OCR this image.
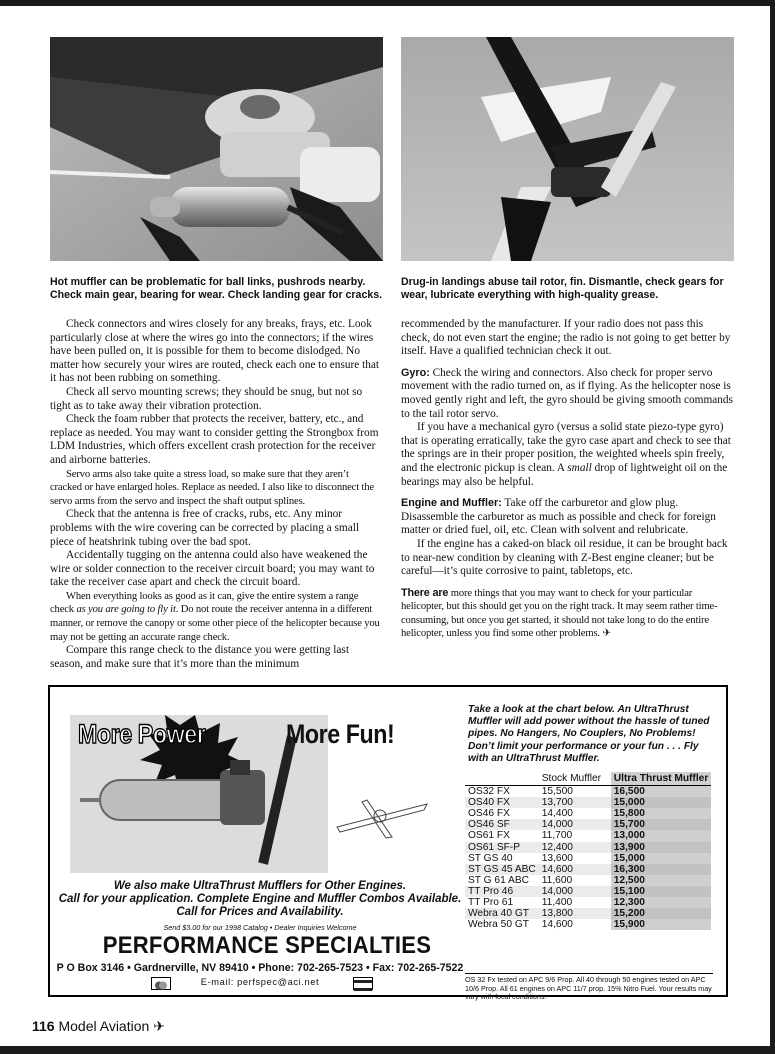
Hot muffler can be problematic for ball links, pushrods nearby. Check main gear, bearing for wear. Check landing gear for cracks.
Drug-in landings abuse tail rotor, fin. Dismantle, check gears for wear, lubricate everything with high-quality grease.

Check connectors and wires closely for any breaks, frays, etc. Look particularly close at where the wires go into the connectors; if the wires have been pulled on, it is possible for them to become dislodged. No matter how securely your wires are routed, check each one to ensure that it has not been rubbing on something.

Check all servo mounting screws; they should be snug, but not so tight as to take away their vibration protection.

Check the foam rubber that protects the receiver, battery, etc., and replace as needed. You may want to consider getting the Strongbox from LDM Industries, which offers excellent crash protection for the receiver and airborne batteries.

Servo arms also take quite a stress load, so make sure that they aren’t cracked or have enlarged holes. Replace as needed. I also like to disconnect the servo arms from the servo and inspect the shaft output splines.

Check that the antenna is free of cracks, rubs, etc. Any minor problems with the wire covering can be corrected by placing a small piece of heatshrink tubing over the bad spot.

Accidentally tugging on the antenna could also have weakened the wire or solder connection to the receiver circuit board; you may want to take the receiver case apart and check the circuit board.

When everything looks as good as it can, give the entire system a range check as you are going to fly it. Do not route the receiver antenna in a different manner, or remove the canopy or some other piece of the helicopter because you may not be getting an accurate range check.

Compare this range check to the distance you were getting last season, and make sure that it’s more than the minimum

recommended by the manufacturer. If your radio does not pass this check, do not even start the engine; the radio is not going to get better by itself. Have a qualified technician check it out.

Gyro: Check the wiring and connectors. Also check for proper servo movement with the radio turned on, as if flying. As the helicopter nose is moved gently right and left, the gyro should be giving smooth commands to the tail rotor servo.

If you have a mechanical gyro (versus a solid state piezo-type gyro) that is operating erratically, take the gyro case apart and check to see that the springs are in their proper position, the weighted wheels spin freely, and the electronic pickup is clean. A small drop of lightweight oil on the bearings may also be helpful.

Engine and Muffler: Take off the carburetor and glow plug. Disassemble the carburetor as much as possible and check for foreign matter or dried fuel, oil, etc. Clean with solvent and relubricate.

If the engine has a caked-on black oil residue, it can be brought back to near-new condition by cleaning with Z-Best engine cleaner; but be careful—it’s quite corrosive to paint, tabletops, etc.

There are more things that you may want to check for your particular helicopter, but this should get you on the right track. It may seem rather time-consuming, but once you get started, it should not take long to do the entire helicopter, unless you find some other problems. ✈

More Power	More Fun!
We also make UltraThrust Mufflers for Other Engines.
Call for your application. Complete Engine and Muffler Combos Available.
Call for Prices and Availability.
Send $3.00 for our 1998 Catalog • Dealer Inquiries Welcome
PERFORMANCE SPECIALTIES
P O Box 3146 • Gardnerville, NV 89410 • Phone: 702-265-7523 • Fax: 702-265-7522
E-mail: perfspec@aci.net
Take a look at the chart below. An UltraThrust Muffler will add power without the hassle of tuned pipes. No Hangers, No Couplers, No Problems! Don’t limit your performance or your fun . . . Fly with an UltraThrust Muffler.
	Stock Muffler	Ultra Thrust Muffler
OS32 FX	15,500	16,500
OS40 FX	13,700	15,000
OS46 FX	14,400	15,800
OS46 SF	14,000	15,700
OS61 FX	11,700	13,000
OS61 SF-P	12,400	13,900
ST GS 40	13,600	15,000
ST GS 45 ABC	14,600	16,300
ST G 61 ABC	11,600	12,500
TT Pro 46	14,000	15,100
TT Pro 61	11,400	12,300
Webra 40 GT	13,800	15,200
Webra 50 GT	14,600	15,900
OS 32 Fx tested on APC 9/6 Prop. All 40 through 50 engines tested on APC 10/6 Prop. All 61 engines on APC 11/7 prop. 15% Nitro Fuel. Your results may vary with local conditions.
116 Model Aviation ✈
